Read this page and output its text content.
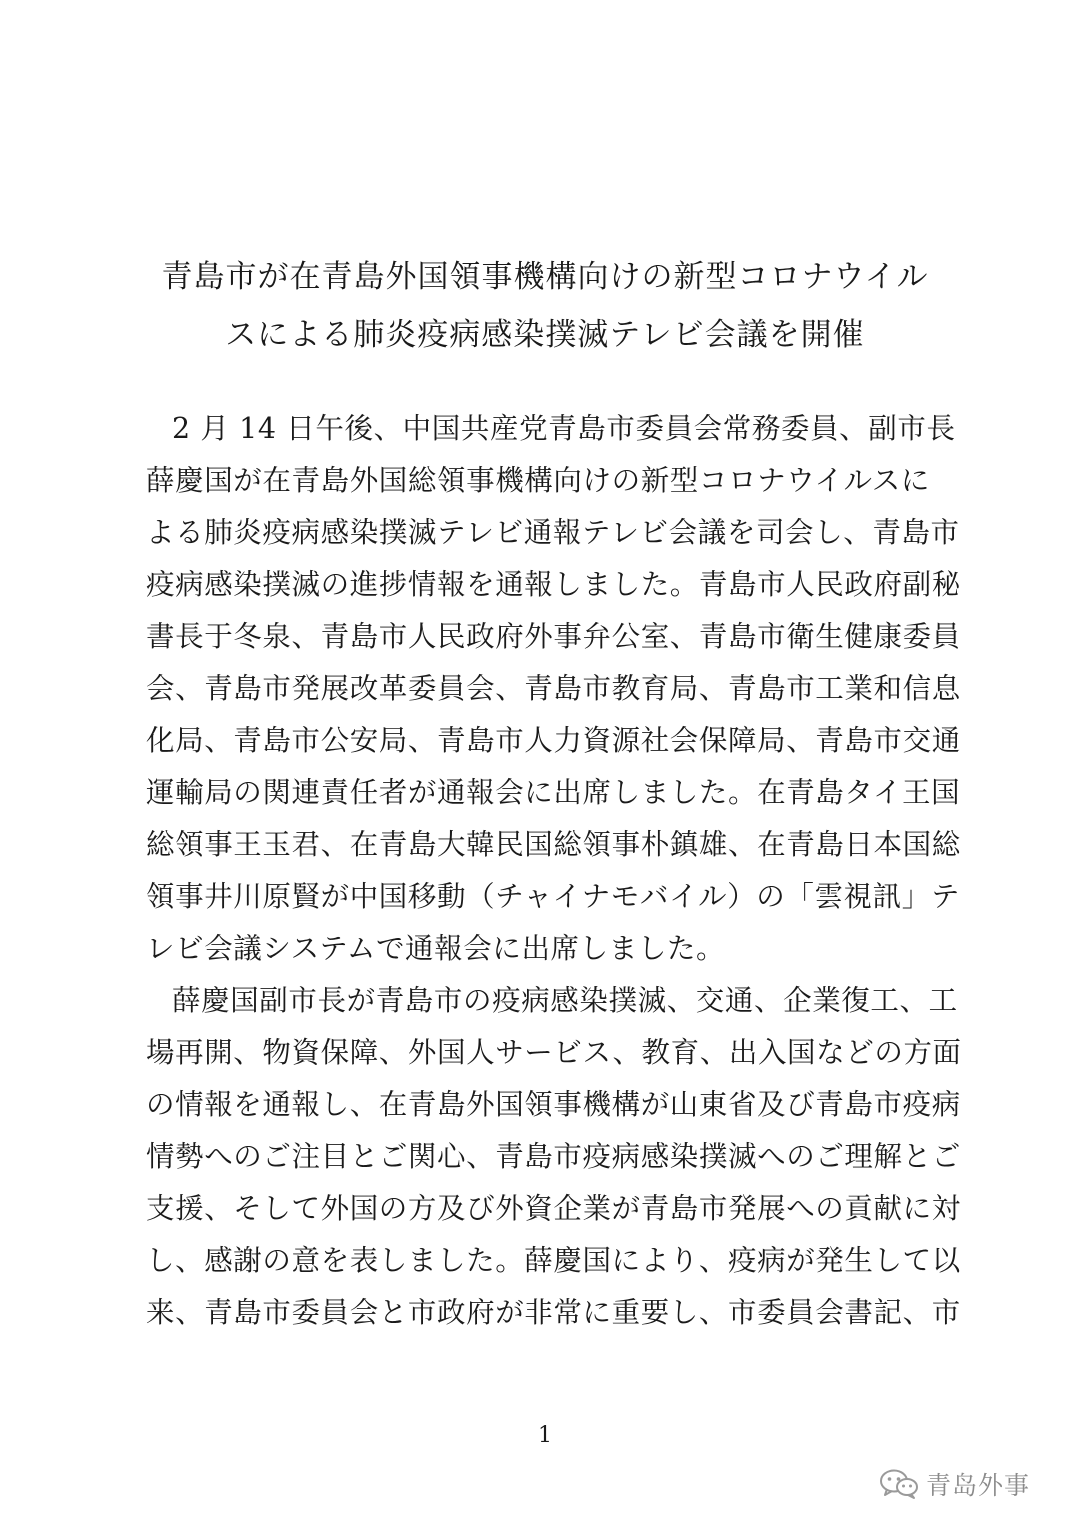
青島市が在青島外国領事機構向けの新型コロナウイル
スによる肺炎疫病感染撲滅テレビ会議を開催
2 月 14 日午後、中国共産党青島市委員会常務委員、副市長
薛慶国が在青島外国総領事機構向けの新型コロナウイルスに
よる肺炎疫病感染撲滅テレビ通報テレビ会議を司会し、青島市
疫病感染撲滅の進捗情報を通報しました。青島市人民政府副秘
書長于冬泉、青島市人民政府外事弁公室、青島市衛生健康委員
会、青島市発展改革委員会、青島市教育局、青島市工業和信息
化局、青島市公安局、青島市人力資源社会保障局、青島市交通
運輸局の関連責任者が通報会に出席しました。在青島タイ王国
総領事王玉君、在青島大韓民国総領事朴鎮雄、在青島日本国総
領事井川原賢が中国移動（チャイナモバイル）の「雲視訊」テ
レビ会議システムで通報会に出席しました。
薛慶国副市長が青島市の疫病感染撲滅、交通、企業復工、工
場再開、物資保障、外国人サービス、教育、出入国などの方面
の情報を通報し、在青島外国領事機構が山東省及び青島市疫病
情勢へのご注目とご関心、青島市疫病感染撲滅へのご理解とご
支援、そして外国の方及び外資企業が青島市発展への貢献に対
し、感謝の意を表しました。薛慶国により、疫病が発生して以
来、青島市委員会と市政府が非常に重要し、市委員会書記、市
1
青岛外事
